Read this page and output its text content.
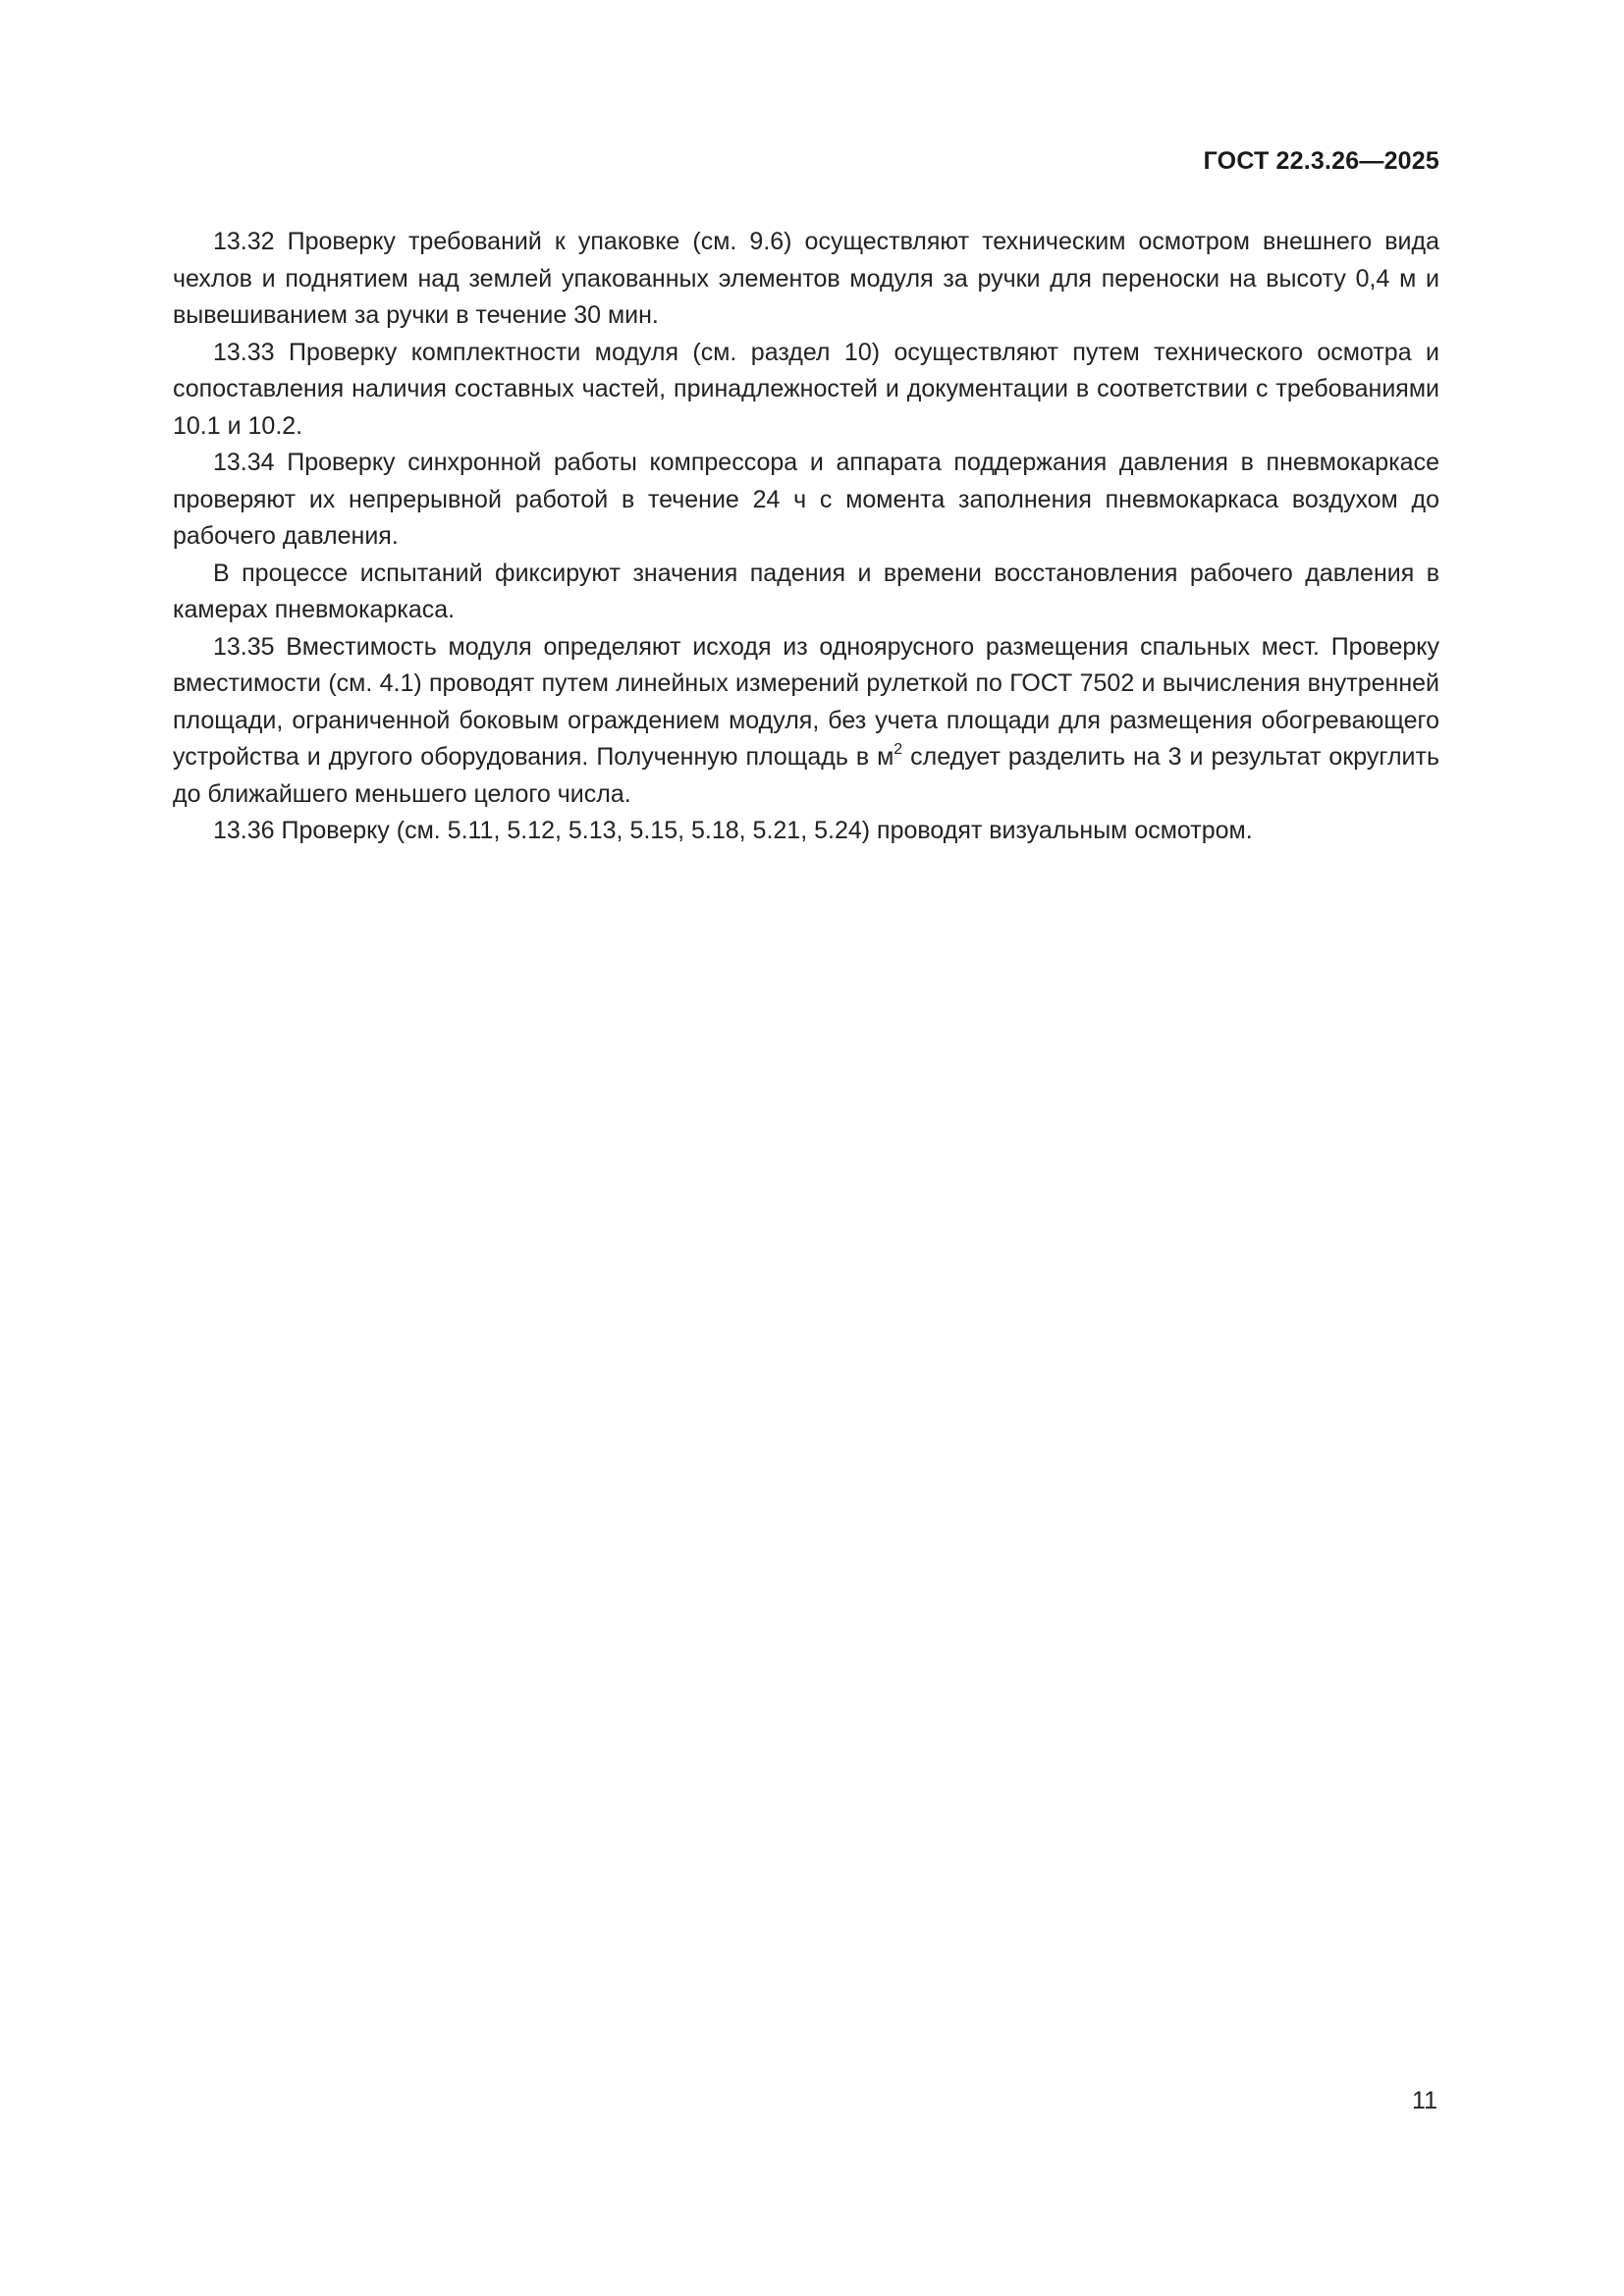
ГОСТ 22.3.26—2025

13.32 Проверку требований к упаковке (см. 9.6) осуществляют техническим осмотром внешнего вида чехлов и поднятием над землей упакованных элементов модуля за ручки для переноски на высоту 0,4 м и вывешиванием за ручки в течение 30 мин.

13.33 Проверку комплектности модуля (см. раздел 10) осуществляют путем технического осмотра и сопоставления наличия составных частей, принадлежностей и документации в соответствии с требованиями 10.1 и 10.2.

13.34 Проверку синхронной работы компрессора и аппарата поддержания давления в пневмокаркасе проверяют их непрерывной работой в течение 24 ч с момента заполнения пневмокаркаса воздухом до рабочего давления.

В процессе испытаний фиксируют значения падения и времени восстановления рабочего давления в камерах пневмокаркаса.

13.35 Вместимость модуля определяют исходя из одноярусного размещения спальных мест. Проверку вместимости (см. 4.1) проводят путем линейных измерений рулеткой по ГОСТ 7502 и вычисления внутренней площади, ограниченной боковым ограждением модуля, без учета площади для размещения обогревающего устройства и другого оборудования. Полученную площадь в $м^2$ следует разделить на 3 и результат округлить до ближайшего меньшего целого числа.

13.36 Проверку (см. 5.11, 5.12, 5.13, 5.15, 5.18, 5.21, 5.24) проводят визуальным осмотром.

11
